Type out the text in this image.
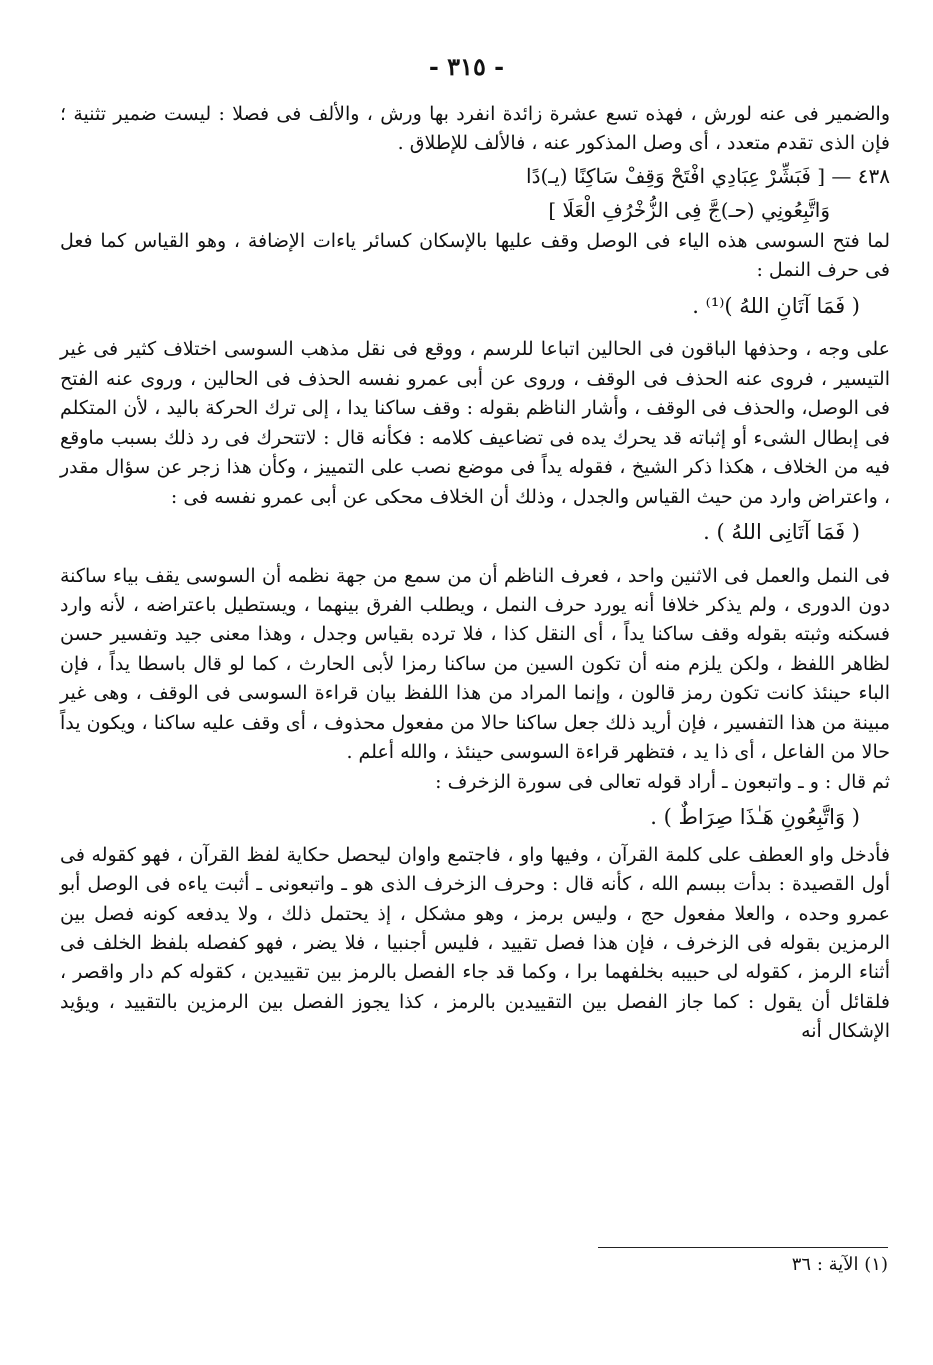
- ٣١٥ -

والضمير فى عنه لورش ، فهذه تسع عشرة زائدة انفرد بها ورش ، والألف فى فصلا : ليست ضمير تثنية ؛ فإن الذى تقدم متعدد ، أى وصل المذكور عنه ، فالألف للإطلاق .

٤٣٨ — [ فَبَشِّرْ عِبَادِي افْتَحْ وَقِفْ سَاكِنًا (يـ)دًا

وَاتَّبِعُونِي (حـ)جَّ فِى الزُّخْرُفِ الْعَلَا ]

لما فتح السوسى هذه الياء فى الوصل وقف عليها بالإسكان كسائر ياءات الإضافة ، وهو القياس كما فعل فى حرف النمل :

( فَمَا آتَانِ اللهُ )⁽¹⁾ .

على وجه ، وحذفها الباقون فى الحالين اتباعا للرسم ، ووقع فى نقل مذهب السوسى اختلاف كثير فى غير التيسير ، فروى عنه الحذف فى الوقف ، وروى عن أبى عمرو نفسه الحذف فى الحالين ، وروى عنه الفتح فى الوصل، والحذف فى الوقف ، وأشار الناظم بقوله : وقف ساكنا يدا ، إلى ترك الحركة باليد ، لأن المتكلم فى إبطال الشىء أو إثباته قد يحرك يده فى تضاعيف كلامه : فكأنه قال : لاتتحرك فى رد ذلك بسبب ماوقع فيه من الخلاف ، هكذا ذكر الشيخ ، فقوله يداً فى موضع نصب على التمييز ، وكأن هذا زجر عن سؤال مقدر ، واعتراض وارد من حيث القياس والجدل ، وذلك أن الخلاف محكى عن أبى عمرو نفسه فى :

( فَمَا آتَانِى اللهُ ) .

فى النمل والعمل فى الاثنين واحد ، فعرف الناظم أن من سمع من جهة نظمه أن السوسى يقف بياء ساكنة دون الدورى ، ولم يذكر خلافا أنه يورد حرف النمل ، ويطلب الفرق بينهما ، ويستطيل باعتراضه ، لأنه وارد فسكنه وثبته بقوله وقف ساكنا يداً ، أى النقل كذا ، فلا ترده بقياس وجدل ، وهذا معنى جيد وتفسير حسن لظاهر اللفظ ، ولكن يلزم منه أن تكون السين من ساكنا رمزا لأبى الحارث ، كما لو قال باسطا يداً ، فإن الباء حينئذ كانت تكون رمز قالون ، وإنما المراد من هذا اللفظ بيان قراءة السوسى فى الوقف ، وهى غير مبينة من هذا التفسير ، فإن أريد ذلك جعل ساكنا حالا من مفعول محذوف ، أى وقف عليه ساكنا ، ويكون يداً حالا من الفاعل ، أى ذا يد ، فتظهر قراءة السوسى حينئذ ، والله أعلم .

ثم قال : و ـ واتبعون ـ أراد قوله تعالى فى سورة الزخرف :

( وَاتَّبِعُونِ هَـٰذَا صِرَاطٌ ) .

فأدخل واو العطف على كلمة القرآن ، وفيها واو ، فاجتمع واوان ليحصل حكاية لفظ القرآن ، فهو كقوله فى أول القصيدة : بدأت ببسم الله ، كأنه قال : وحرف الزخرف الذى هو ـ واتبعونى ـ أثبت ياءه فى الوصل أبو عمرو وحده ، والعلا مفعول حج ، وليس برمز ، وهو مشكل ، إذ يحتمل ذلك ، ولا يدفعه كونه فصل بين الرمزين بقوله فى الزخرف ، فإن هذا فصل تقييد ، فليس أجنبيا ، فلا يضر ، فهو كفصله بلفظ الخلف فى أثناء الرمز ، كقوله لى حبيبه بخلفهما برا ، وكما قد جاء الفصل بالرمز بين تقييدين ، كقوله كم دار واقصر ، فلقائل أن يقول : كما جاز الفصل بين التقييدين بالرمز ، كذا يجوز الفصل بين الرمزين بالتقييد ، ويؤيد الإشكال أنه

(١) الآية : ٣٦
